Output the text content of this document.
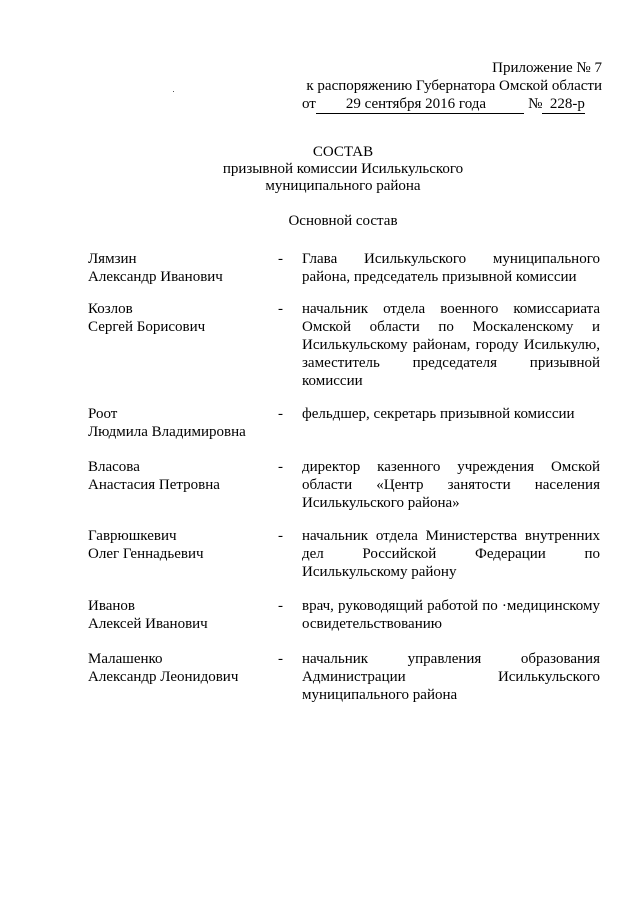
Приложение № 7
к распоряжению Губернатора Омской области
от 29 сентября 2016 года	№ 228-р
СОСТАВ
призывной комиссии Исилькульского
муниципального района
Основной состав
Лямзин
Александр Иванович
- Глава Исилькульского муниципального района, председатель призывной комиссии
Козлов
Сергей Борисович
- начальник отдела военного комиссариата Омской области по Москаленскому и Исилькульскому районам, городу Исилькулю, заместитель председателя призывной комиссии
Роот
Людмила Владимировна
- фельдшер, секретарь призывной комиссии
Власова
Анастасия Петровна
- директор казенного учреждения Омской области «Центр занятости населения Исилькульского района»
Гаврюшкевич
Олег Геннадьевич
- начальник отдела Министерства внутренних дел Российской Федерации по Исилькульскому району
Иванов
Алексей Иванович
- врач, руководящий работой по ·медицинскому освидетельствованию
Малашенко
Александр Леонидович
- начальник управления образования Администрации Исилькульского муниципального района
